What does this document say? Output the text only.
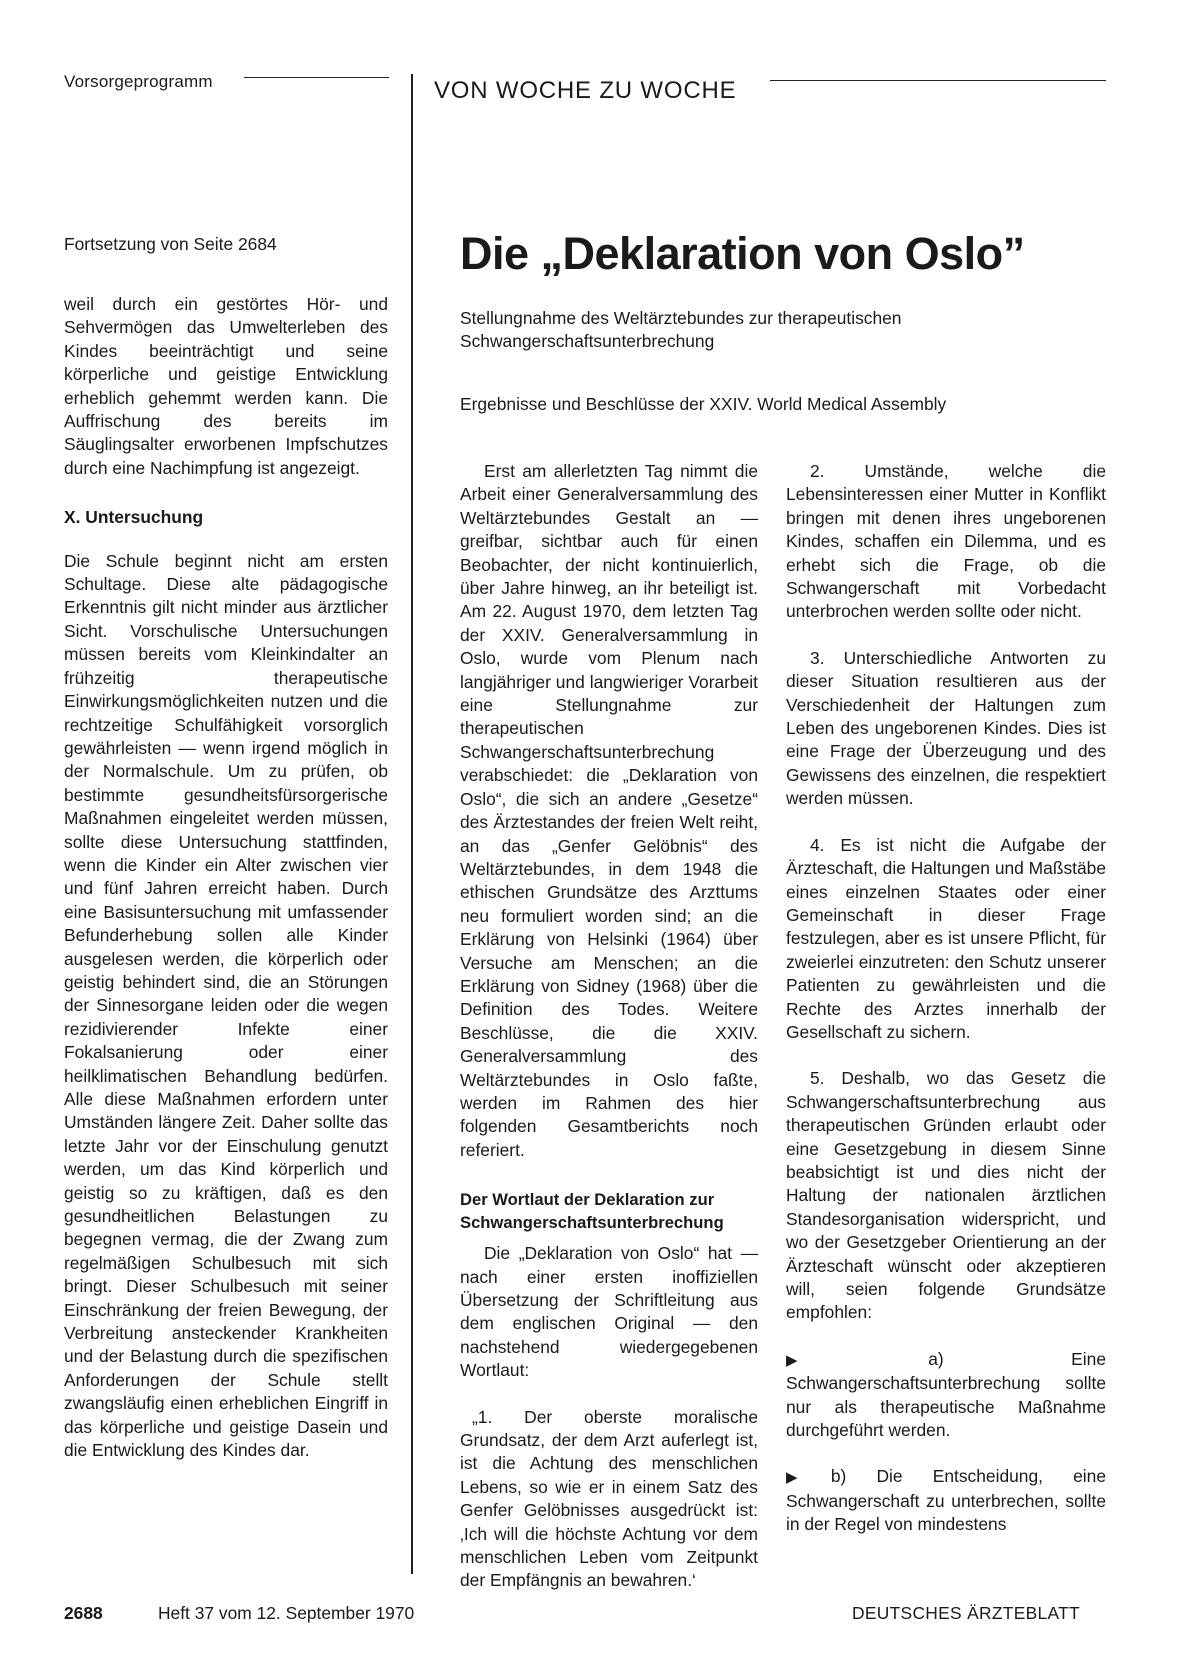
Vorsorgeprogramm	VON WOCHE ZU WOCHE
Fortsetzung von Seite 2684

weil durch ein gestörtes Hör- und Sehvermögen das Umwelterleben des Kindes beeinträchtigt und seine körperliche und geistige Entwicklung erheblich gehemmt werden kann. Die Auffrischung des bereits im Säuglingsalter erworbenen Impfschutzes durch eine Nachimpfung ist angezeigt.

X. Untersuchung

Die Schule beginnt nicht am ersten Schultage. Diese alte pädagogische Erkenntnis gilt nicht minder aus ärztlicher Sicht. Vorschulische Untersuchungen müssen bereits vom Kleinkindalter an frühzeitig therapeutische Einwirkungsmöglichkeiten nutzen und die rechtzeitige Schulfähigkeit vorsorglich gewährleisten — wenn irgend möglich in der Normalschule. Um zu prüfen, ob bestimmte gesundheitsfürsorgerische Maßnahmen eingeleitet werden müssen, sollte diese Untersuchung stattfinden, wenn die Kinder ein Alter zwischen vier und fünf Jahren erreicht haben. Durch eine Basisuntersuchung mit umfassender Befunderhebung sollen alle Kinder ausgelesen werden, die körperlich oder geistig behindert sind, die an Störungen der Sinnesorgane leiden oder die wegen rezidivierender Infekte einer Fokalsanierung oder einer heilklimatischen Behandlung bedürfen. Alle diese Maßnahmen erfordern unter Umständen längere Zeit. Daher sollte das letzte Jahr vor der Einschulung genutzt werden, um das Kind körperlich und geistig so zu kräftigen, daß es den gesundheitlichen Belastungen zu begegnen vermag, die der Zwang zum regelmäßigen Schulbesuch mit sich bringt. Dieser Schulbesuch mit seiner Einschränkung der freien Bewegung, der Verbreitung ansteckender Krankheiten und der Belastung durch die spezifischen Anforderungen der Schule stellt zwangsläufig einen erheblichen Eingriff in das körperliche und geistige Dasein und die Entwicklung des Kindes dar.

Die „Deklaration von Oslo”
Stellungnahme des Weltärztebundes zur therapeutischen Schwangerschaftsunterbrechung
Ergebnisse und Beschlüsse der XXIV. World Medical Assembly

Erst am allerletzten Tag nimmt die Arbeit einer Generalversammlung des Weltärztebundes Gestalt an — greifbar, sichtbar auch für einen Beobachter, der nicht kontinuierlich, über Jahre hinweg, an ihr beteiligt ist. Am 22. August 1970, dem letzten Tag der XXIV. Generalversammlung in Oslo, wurde vom Plenum nach langjähriger und langwieriger Vorarbeit eine Stellungnahme zur therapeutischen Schwangerschaftsunterbrechung verabschiedet: die „Deklaration von Oslo“, die sich an andere „Gesetze“ des Ärztestandes der freien Welt reiht, an das „Genfer Gelöbnis“ des Weltärztebundes, in dem 1948 die ethischen Grundsätze des Arzttums neu formuliert worden sind; an die Erklärung von Helsinki (1964) über Versuche am Menschen; an die Erklärung von Sidney (1968) über die Definition des Todes. Weitere Beschlüsse, die die XXIV. Generalversammlung des Weltärztebundes in Oslo faßte, werden im Rahmen des hier folgenden Gesamtberichts noch referiert.

Der Wortlaut der Deklaration zur Schwangerschaftsunterbrechung

Die „Deklaration von Oslo“ hat — nach einer ersten inoffiziellen Übersetzung der Schriftleitung aus dem englischen Original — den nachstehend wiedergegebenen Wortlaut:

„1. Der oberste moralische Grundsatz, der dem Arzt auferlegt ist, ist die Achtung des menschlichen Lebens, so wie er in einem Satz des Genfer Gelöbnisses ausgedrückt ist: ‚Ich will die höchste Achtung vor dem menschlichen Leben vom Zeitpunkt der Empfängnis an bewahren.‘

2. Umstände, welche die Lebensinteressen einer Mutter in Konflikt bringen mit denen ihres ungeborenen Kindes, schaffen ein Dilemma, und es erhebt sich die Frage, ob die Schwangerschaft mit Vorbedacht unterbrochen werden sollte oder nicht.

3. Unterschiedliche Antworten zu dieser Situation resultieren aus der Verschiedenheit der Haltungen zum Leben des ungeborenen Kindes. Dies ist eine Frage der Überzeugung und des Gewissens des einzelnen, die respektiert werden müssen.

4. Es ist nicht die Aufgabe der Ärzteschaft, die Haltungen und Maßstäbe eines einzelnen Staates oder einer Gemeinschaft in dieser Frage festzulegen, aber es ist unsere Pflicht, für zweierlei einzutreten: den Schutz unserer Patienten zu gewährleisten und die Rechte des Arztes innerhalb der Gesellschaft zu sichern.

5. Deshalb, wo das Gesetz die Schwangerschaftsunterbrechung aus therapeutischen Gründen erlaubt oder eine Gesetzgebung in diesem Sinne beabsichtigt ist und dies nicht der Haltung der nationalen ärztlichen Standesorganisation widerspricht, und wo der Gesetzgeber Orientierung an der Ärzteschaft wünscht oder akzeptieren will, seien folgende Grundsätze empfohlen:

▶ a) Eine Schwangerschaftsunterbrechung sollte nur als therapeutische Maßnahme durchgeführt werden.

▶ b) Die Entscheidung, eine Schwangerschaft zu unterbrechen, sollte in der Regel von mindestens

2688	Heft 37 vom 12. September 1970	DEUTSCHES ÄRZTEBLATT
